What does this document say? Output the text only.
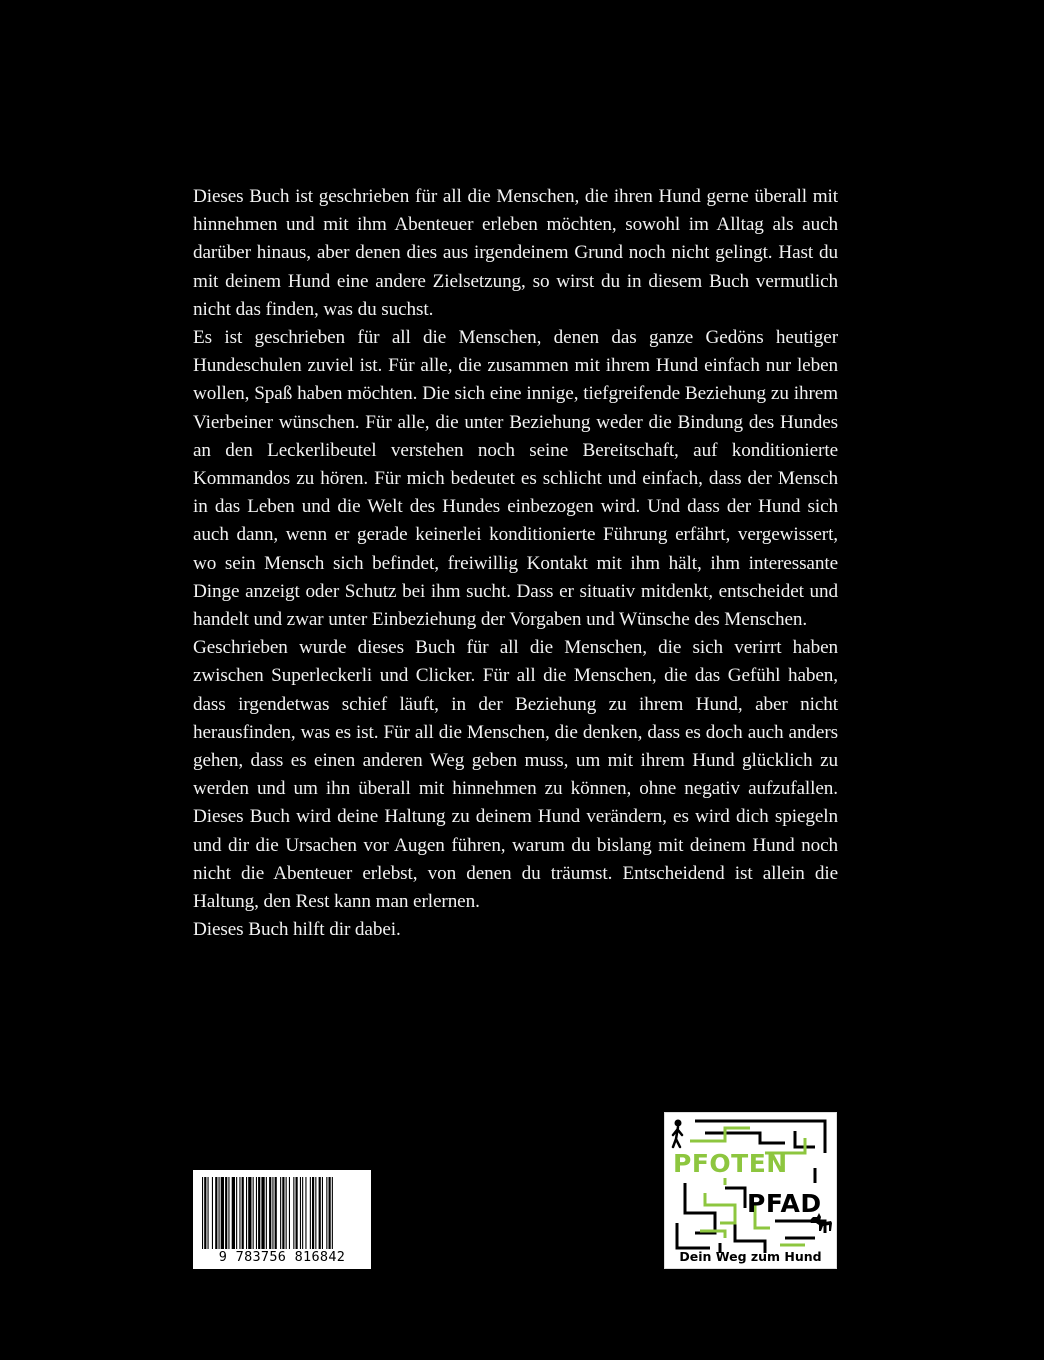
Dieses Buch ist geschrieben für all die Menschen, die ihren Hund gerne überall mit hinnehmen und mit ihm Abenteuer erleben möchten, sowohl im Alltag als auch darüber hinaus, aber denen dies aus irgendeinem Grund noch nicht gelingt. Hast du mit deinem Hund eine andere Zielsetzung, so wirst du in diesem Buch vermutlich nicht das finden, was du suchst.

Es ist geschrieben für all die Menschen, denen das ganze Gedöns heutiger Hundeschulen zuviel ist. Für alle, die zusammen mit ihrem Hund einfach nur leben wollen, Spaß haben möchten. Die sich eine innige, tiefgreifende Beziehung zu ihrem Vierbeiner wünschen. Für alle, die unter Beziehung weder die Bindung des Hundes an den Leckerlibeutel verstehen noch seine Bereitschaft, auf konditionierte Kommandos zu hören. Für mich bedeutet es schlicht und einfach, dass der Mensch in das Leben und die Welt des Hundes einbezogen wird. Und dass der Hund sich auch dann, wenn er gerade keinerlei konditionierte Führung erfährt, vergewissert, wo sein Mensch sich befindet, freiwillig Kontakt mit ihm hält, ihm interessante Dinge anzeigt oder Schutz bei ihm sucht. Dass er situativ mitdenkt, entscheidet und handelt und zwar unter Einbeziehung der Vorgaben und Wünsche des Menschen.

Geschrieben wurde dieses Buch für all die Menschen, die sich verirrt haben zwischen Superleckerli und Clicker. Für all die Menschen, die das Gefühl haben, dass irgendetwas schief läuft, in der Beziehung zu ihrem Hund, aber nicht herausfinden, was es ist. Für all die Menschen, die denken, dass es doch auch anders gehen, dass es einen anderen Weg geben muss, um mit ihrem Hund glücklich zu werden und um ihn überall mit hinnehmen zu können, ohne negativ aufzufallen. Dieses Buch wird deine Haltung zu deinem Hund verändern, es wird dich spiegeln und dir die Ursachen vor Augen führen, warum du bislang mit deinem Hund noch nicht die Abenteuer erlebst, von denen du träumst. Entscheidend ist allein die Haltung, den Rest kann man erlernen.

Dieses Buch hilft dir dabei.

9 783756 816842
PFOTEN
PFAD
Dein Weg zum Hund
